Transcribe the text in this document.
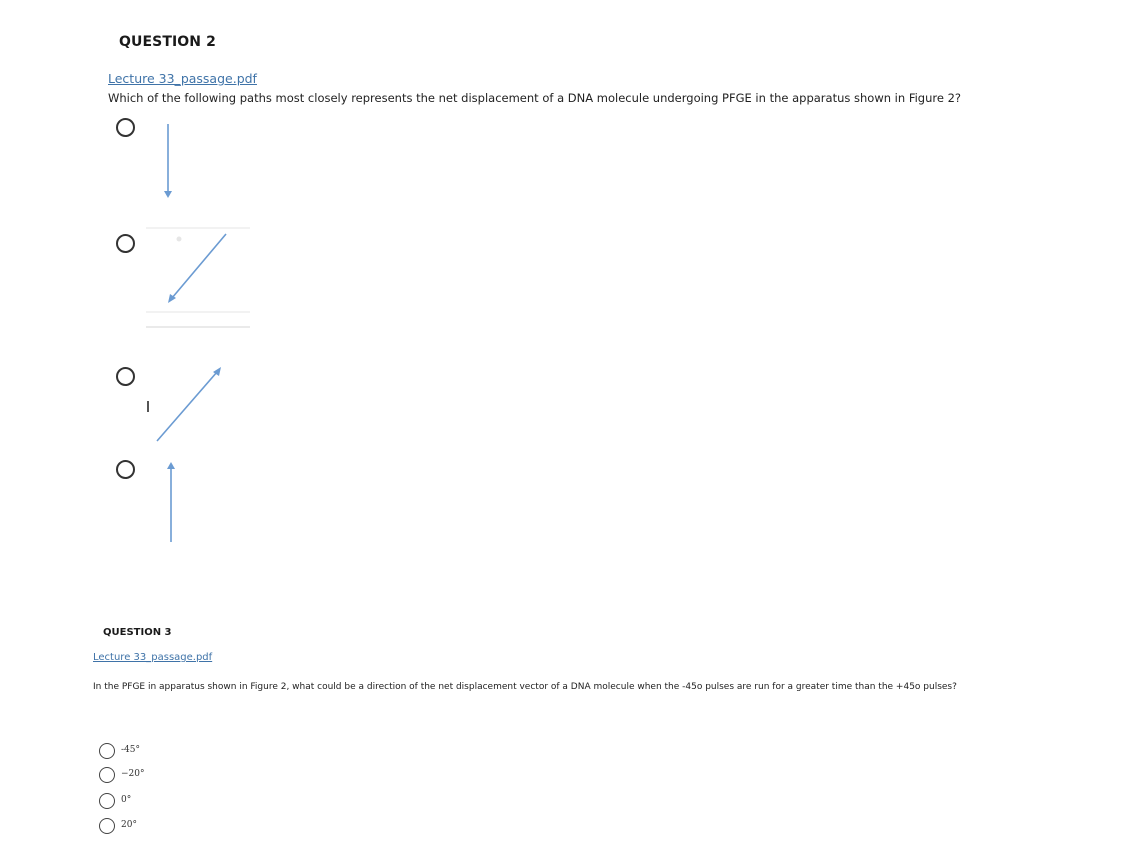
QUESTION 2
Lecture 33_passage.pdf
Which of the following paths most closely represents the net displacement of a DNA molecule undergoing PFGE in the apparatus shown in Figure 2?
QUESTION 3
Lecture 33_passage.pdf
In the PFGE in apparatus shown in Figure 2, what could be a direction of the net displacement vector of a DNA molecule when the -45o pulses are run for a greater time than the +45o pulses?
-45°
−20°
0°
20°
